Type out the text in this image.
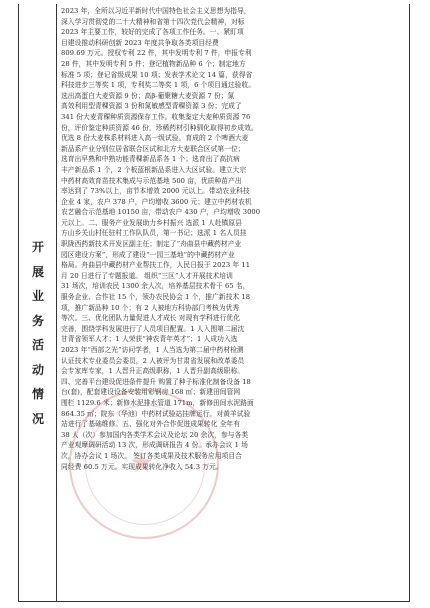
开展业务活动情况

2023 年，全所以习近平新时代中国特色社会主义思想为指导，

深入学习贯彻党的二十大精神和省第十四次党代会精神，对标

2023 年主要工作，较好的完成了各项工作任务。一、紧盯项

目建设推动科研创新 2023 年度共争取各类项目经费

809.69 万元。授权专利 22 件，其中发明专利 7 件，申报专利

28 件，其中发明专利 5 件；登记植物新品种 6 个；制定地方

标准 5 项；登记省级成果 10 项；发表学术论文 14 篇，获得省

科技进步三等奖 1 项，专利奖二等奖 1 项，6 个项目通过验收。

选出高蛋白大麦资源 9 份；高β-葡聚糖大麦资源 7 份；氮

高效利用型青稞资源 3 份和氮敏感型青稞资源 3 份；完成了

341 份大麦青稞种质资源保存工作。收集鉴定大麦种质资源 76

份，评价鉴定种质资源 46 份，珍稀药材引种驯化取得初步成效。

优选 8 份大麦株系材料进入高一级试验。育成的 2 个啤酒大麦

新品系产业分别位居省联合区试和北方大麦联合区试第一位；

选育出早熟和中熟功能青稞新品系各 1 个；选育出了高抗病

丰产新品系 1 个，2 个板蓝根新品系进入大区试验。建立大宗

中药材高效育苗技术集成与示范基地 500 亩，优质种苗产出

率达到了 73%以上，亩节本增效 2000 元以上。带动农业科技

企业 4 家，农户 378 户，户均增收 3600 元；建立中药材农机

农艺融合示范基地 10150 亩，带动农户 430 户，户均增收 3000

元以上。二、服务产业发展助力乡村振兴 选派 1 人赴镇原县

方山乡关山村任驻村工作队队员，第一书记；选派 1 名人员挂

职陇西药新技术开发区副主任；制定了“舟曲县中藏药材产业

园区建设方案”，形成了建设“一园三基地”的中藏药材产业

格局。舟曲县中藏药材产业帮扶工作，人民日报于 2023 年 11

月 20 日进行了专题报道。 组织“三区”人才开展技术培训

31 场次，培训农民 1300 余人次，培养基层技术骨干 65 名，

服务企业、合作社 15 个，领办农民协会 1 个，推广新技术 18

项，推广新品种 10 个；有 2 人被地方科协部门考核为优秀

等次。三、优化团队力量促进人才成长 对现有学科进行优化

完善，围绕学科发展进行了人员项目配置。1 人入围第二届沈

甘青省领军人才；1 人荣获“神农青年英才”；1 人成功入选

2023 年“西部之光”访问学者，1 人当选为第二届中药材检测

认证技术专业委员会委员，2 人被评为甘肃省发展和改革委员

会专家库专家，1 人晋升正高级职称，1 人晋升副高级职称。

四、完善平台建设促进条件提升 购置了种子标准化制备设备 18

台(套)，配套建设设备安装用彩钢房 168 ㎡；新建田间管网

围栏 1129.6 米；新修水泥排水管道 171m，新修田间水泥路面

864.35 ㎡；院东（华池）中药材试验站挂牌运行。对黄羊试验

站进行了基础维修。五、强化对外合作促进成果转化 全年有

38 人（次）参加国内各类学术会议及论坛 20 余次，参与各类

产业观摩调研活动 13 次，形成调研报告 4 份。承办会议 1 场

次，协办会议 1 场次。 签订各类成果及技术服务应用项目合

同经费 60.5 万元。实现成果转化净收入 54.3 万元。

★
